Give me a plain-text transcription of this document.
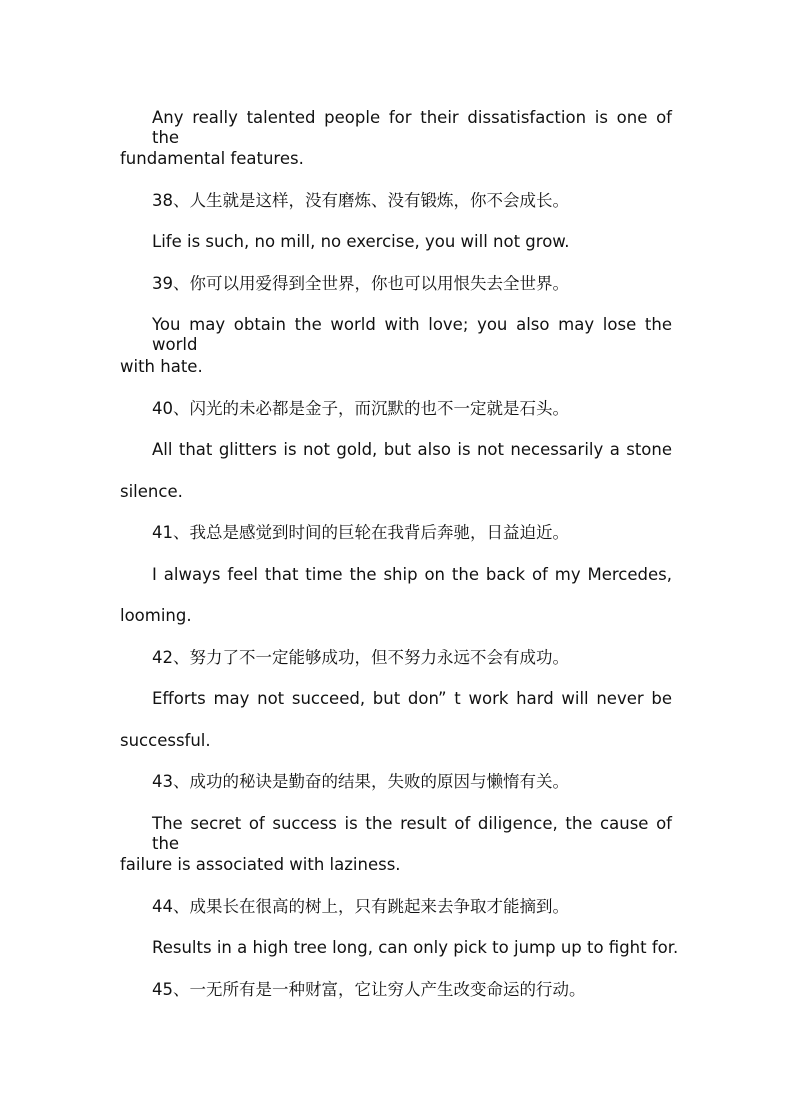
Any really talented people for their dissatisfaction is one of the
fundamental features.
38、人生就是这样，没有磨炼、没有锻炼，你不会成长。
Life is such, no mill, no exercise, you will not grow.
39、你可以用爱得到全世界，你也可以用恨失去全世界。
You may obtain the world with love; you also may lose the world
with hate.
40、闪光的未必都是金子，而沉默的也不一定就是石头。
All that glitters is not gold, but also is not necessarily a stone
silence.
41、我总是感觉到时间的巨轮在我背后奔驰，日益迫近。
I always feel that time the ship on the back of my Mercedes,
looming.
42、努力了不一定能够成功，但不努力永远不会有成功。
Efforts may not succeed, but don” t work hard will never be
successful.
43、成功的秘诀是勤奋的结果，失败的原因与懒惰有关。
The secret of success is the result of diligence, the cause of the
failure is associated with laziness.
44、成果长在很高的树上，只有跳起来去争取才能摘到。
Results in a high tree long, can only pick to jump up to fight for.
45、一无所有是一种财富，它让穷人产生改变命运的行动。
